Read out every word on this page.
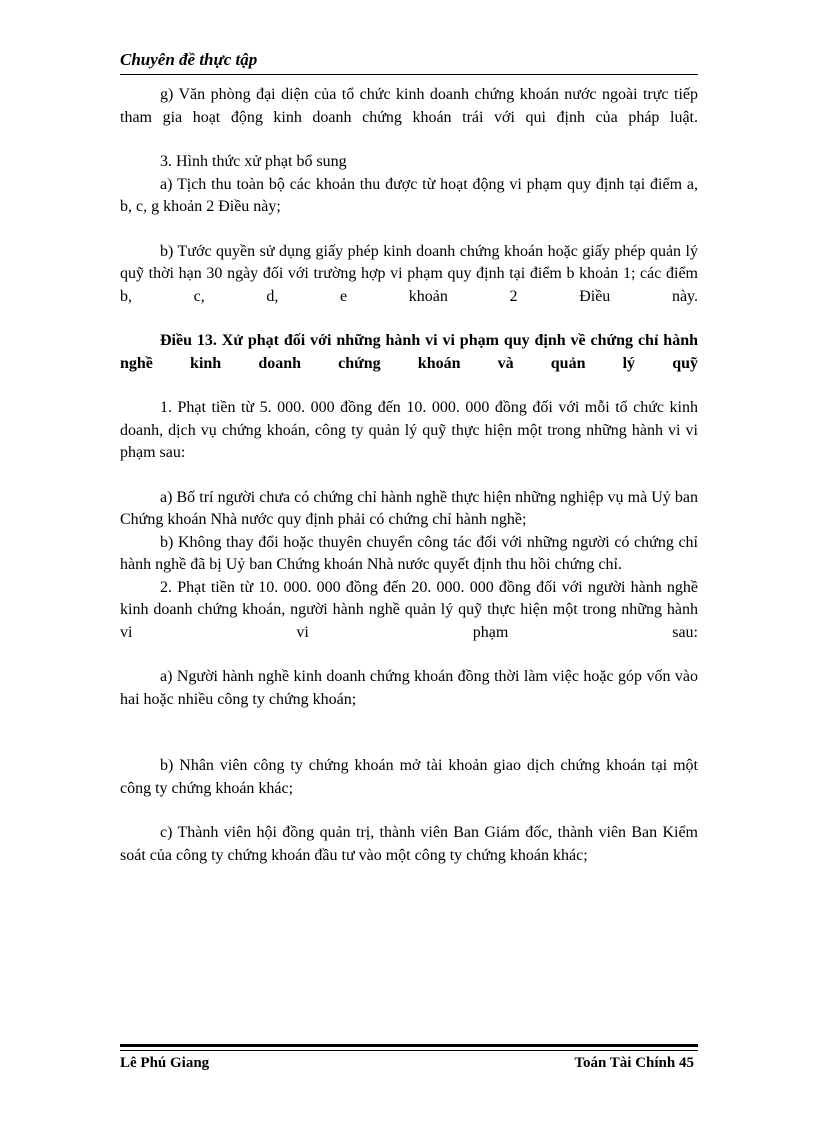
Chuyên đề thực tập

g) Văn phòng đại diện của tổ chức kinh doanh chứng khoán nước ngoài trực tiếp tham gia hoạt động kinh doanh chứng khoán trái với qui định của pháp luật.

3. Hình thức xử phạt bổ sung

a) Tịch thu toàn bộ các khoản thu được từ hoạt động vi phạm quy định tại điểm a, b, c, g khoản 2 Điều này;

b) Tước quyền sử dụng giấy phép kinh doanh chứng khoán hoặc giấy phép quản lý quỹ thời hạn 30 ngày đối với trường hợp vi phạm quy định tại điểm b khoản 1; các điểm b, c, d, e khoản 2 Điều này.

Điều 13. Xử phạt đối với những hành vi vi phạm quy định về chứng chỉ hành nghề kinh doanh chứng khoán và quản lý quỹ

1. Phạt tiền từ 5. 000. 000 đồng đến 10. 000. 000 đồng đối với mỗi tổ chức kinh doanh, dịch vụ chứng khoán, công ty quản lý quỹ thực hiện một trong những hành vi vi phạm sau:

a) Bố trí người chưa có chứng chỉ hành nghề thực hiện những nghiệp vụ mà Uỷ ban Chứng khoán Nhà nước quy định phải có chứng chỉ hành nghề;

b) Không thay đổi hoặc thuyên chuyển công tác đối với những người có chứng chỉ hành nghề đã bị Uỷ ban Chứng khoán Nhà nước quyết định thu hồi chứng chỉ.

2. Phạt tiền từ 10. 000. 000 đồng đến 20. 000. 000 đồng đối với người hành nghề kinh doanh chứng khoán, người hành nghề quản lý quỹ thực hiện một trong những hành vi vi phạm sau:

a) Người hành nghề kinh doanh chứng khoán đồng thời làm việc hoặc góp vốn vào hai hoặc nhiều công ty chứng khoán;

b) Nhân viên công ty chứng khoán mở tài khoản giao dịch chứng khoán tại một công ty chứng khoán khác;

c) Thành viên hội đồng quản trị, thành viên Ban Giám đốc, thành viên Ban Kiểm soát của công ty chứng khoán đầu tư vào một công ty chứng khoán khác;

Lê Phú Giang	Toán Tài Chính 45
